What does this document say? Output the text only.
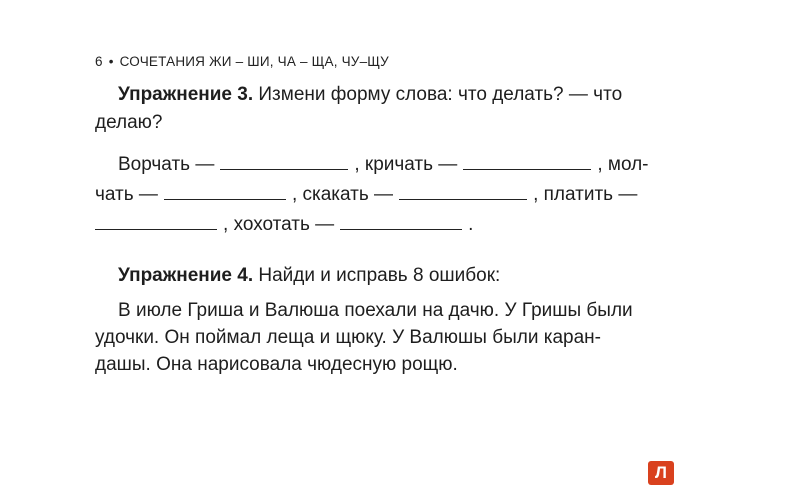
6 • СОЧЕТАНИЯ ЖИ – ШИ, ЧА – ЩА, ЧУ–ЩУ
Упражнение 3. Измени форму слова: что делать? — что
делаю?
Ворчать —	, кричать —	, мол-
чать —	, скакать —	, платить —
, хохотать —	.
Упражнение 4. Найди и исправь 8 ошибок:
В июле Гриша и Валюша поехали на дачю. У Гришы были
удочки. Он поймал леща и щюку. У Валюшы были каран-
дашы. Она нарисовала чюдесную рощю.
Л
